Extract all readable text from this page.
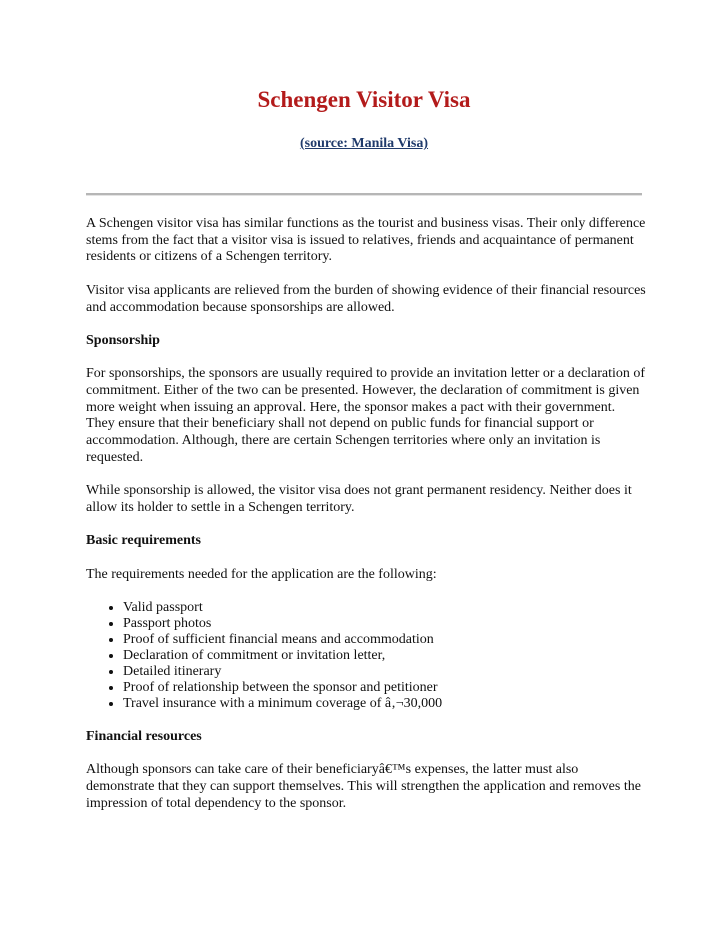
Schengen Visitor Visa
(source: Manila Visa)

A Schengen visitor visa has similar functions as the tourist and business visas. Their only difference stems from the fact that a visitor visa is issued to relatives, friends and acquaintance of permanent residents or citizens of a Schengen territory.

Visitor visa applicants are relieved from the burden of showing evidence of their financial resources and accommodation because sponsorships are allowed.

Sponsorship

For sponsorships, the sponsors are usually required to provide an invitation letter or a declaration of commitment. Either of the two can be presented. However, the declaration of commitment is given more weight when issuing an approval. Here, the sponsor makes a pact with their government. They ensure that their beneficiary shall not depend on public funds for financial support or accommodation. Although, there are certain Schengen territories where only an invitation is requested.

While sponsorship is allowed, the visitor visa does not grant permanent residency. Neither does it allow its holder to settle in a Schengen territory.

Basic requirements

The requirements needed for the application are the following:

• Valid passport
• Passport photos
• Proof of sufficient financial means and accommodation
• Declaration of commitment or invitation letter,
• Detailed itinerary
• Proof of relationship between the sponsor and petitioner
• Travel insurance with a minimum coverage of â‚¬30,000
Financial resources

Although sponsors can take care of their beneficiaryâ€™s expenses, the latter must also demonstrate that they can support themselves. This will strengthen the application and removes the impression of total dependency to the sponsor.
